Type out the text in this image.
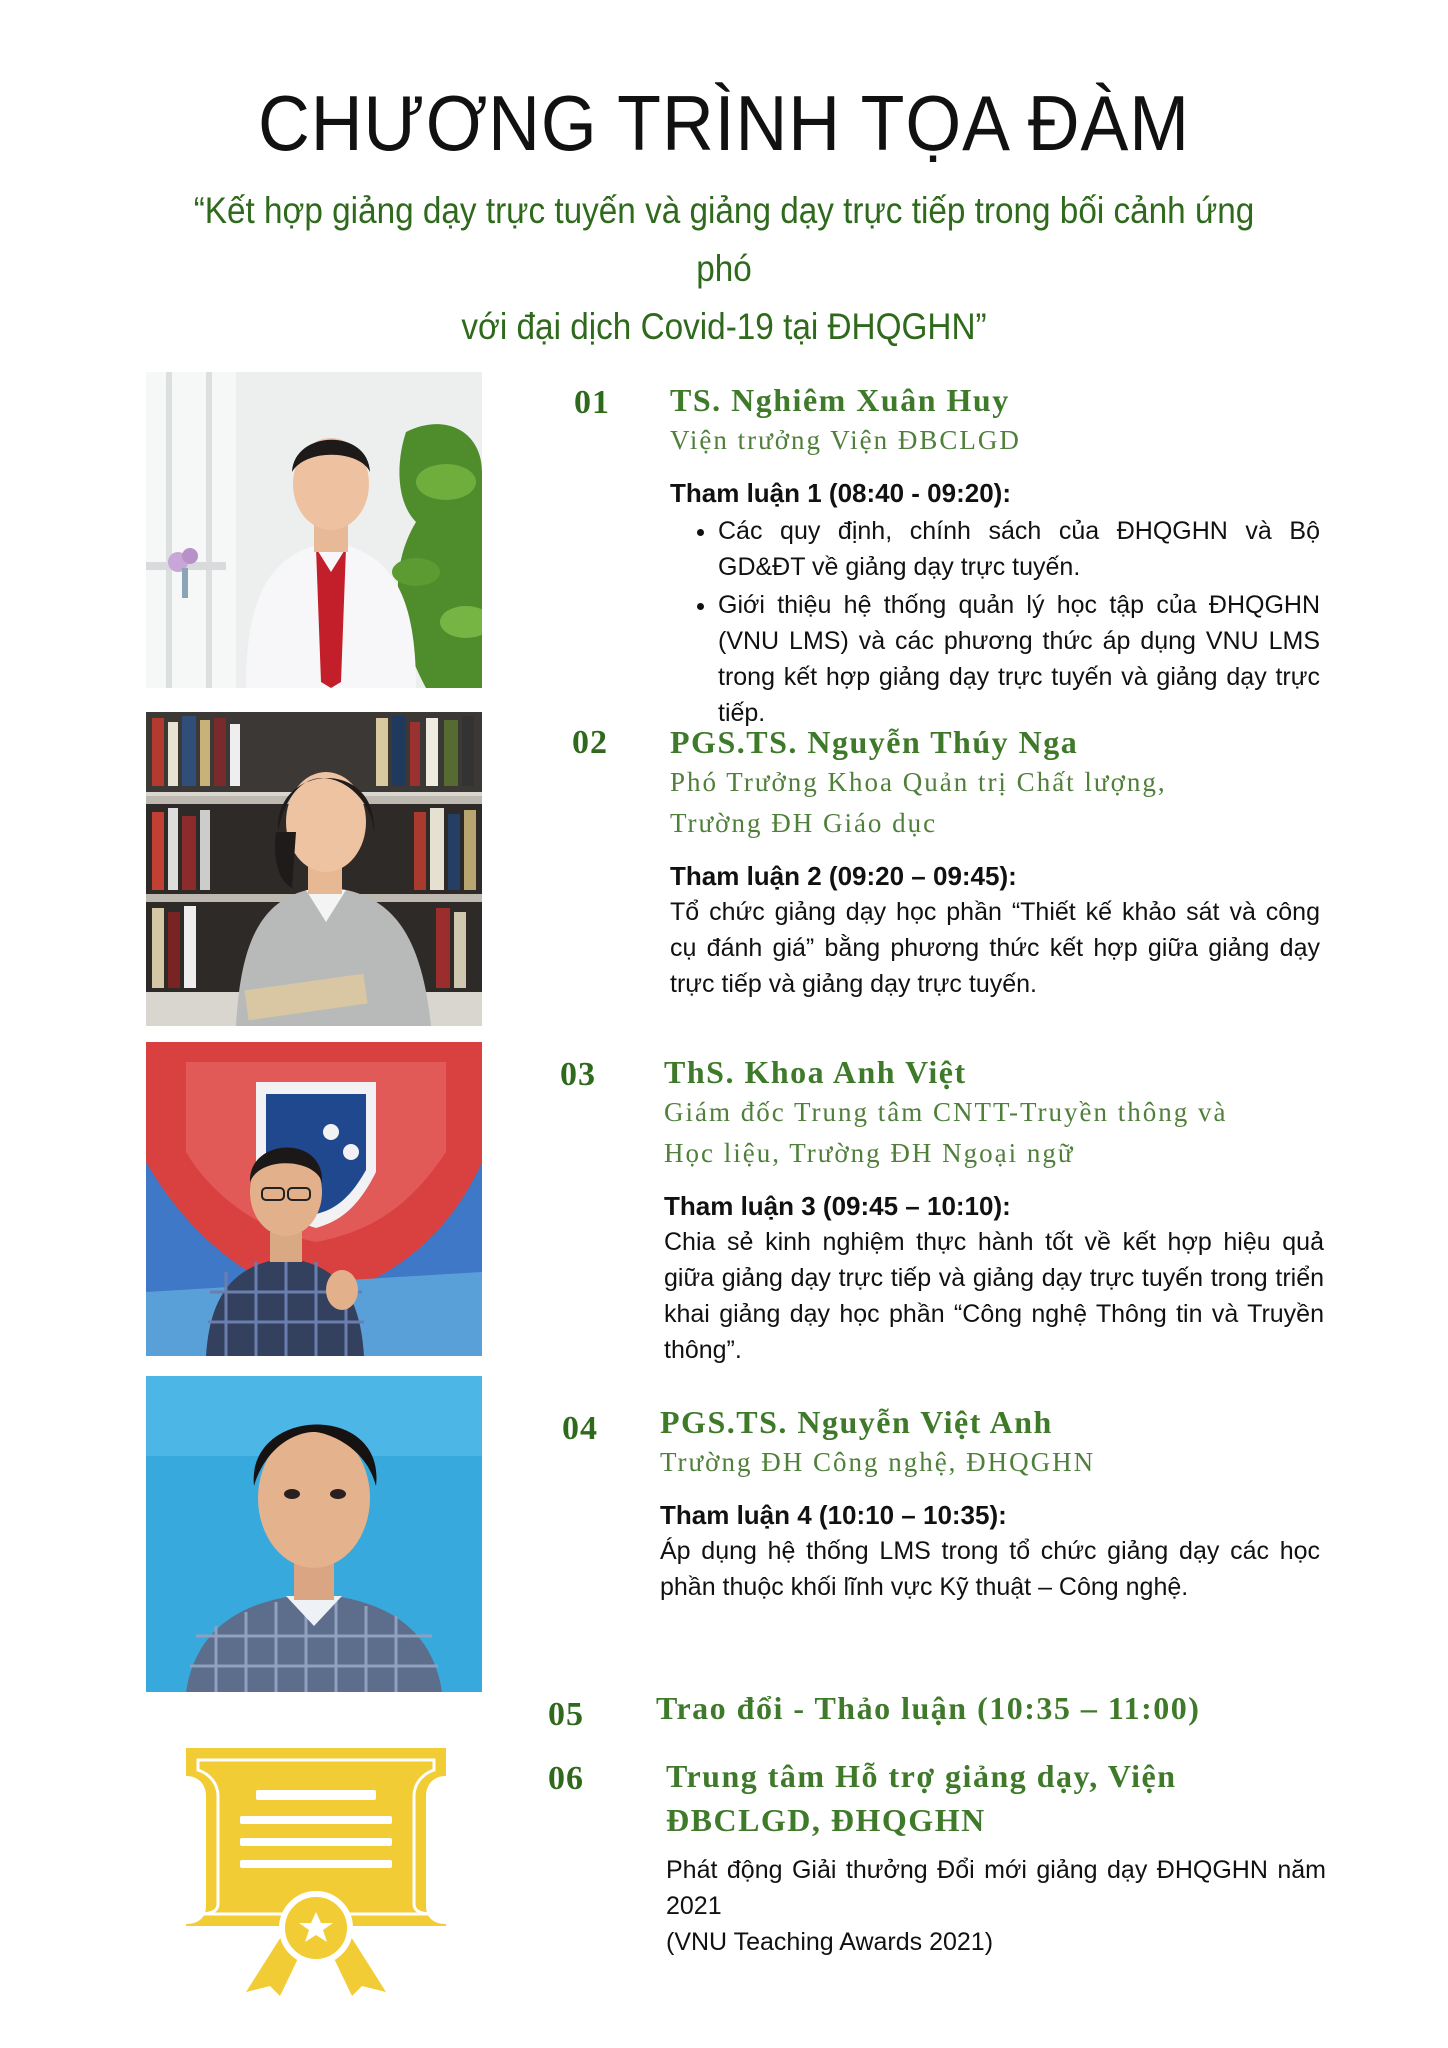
CHƯƠNG TRÌNH TỌA ĐÀM
“Kết hợp giảng dạy trực tuyến và giảng dạy trực tiếp trong bối cảnh ứng phó
với đại dịch Covid-19 tại ĐHQGHN”
01 TS. Nghiêm Xuân Huy
Viện trưởng Viện ĐBCLGD
Tham luận 1 (08:40 - 09:20):
• Các quy định, chính sách của ĐHQGHN và Bộ GD&ĐT về giảng dạy trực tuyến.
• Giới thiệu hệ thống quản lý học tập của ĐHQGHN (VNU LMS) và các phương thức áp dụng VNU LMS trong kết hợp giảng dạy trực tuyến và giảng dạy trực tiếp.
02 PGS.TS. Nguyễn Thúy Nga
Phó Trưởng Khoa Quản trị Chất lượng,
Trường ĐH Giáo dục
Tham luận 2 (09:20 – 09:45):
Tổ chức giảng dạy học phần “Thiết kế khảo sát và công cụ đánh giá” bằng phương thức kết hợp giữa giảng dạy trực tiếp và giảng dạy trực tuyến.
03 ThS. Khoa Anh Việt
Giám đốc Trung tâm CNTT-Truyền thông và
Học liệu, Trường ĐH Ngoại ngữ
Tham luận 3 (09:45 – 10:10):
Chia sẻ kinh nghiệm thực hành tốt về kết hợp hiệu quả giữa giảng dạy trực tiếp và giảng dạy trực tuyến trong triển khai giảng dạy học phần “Công nghệ Thông tin và Truyền thông”.
04 PGS.TS. Nguyễn Việt Anh
Trường ĐH Công nghệ, ĐHQGHN
Tham luận 4 (10:10 – 10:35):
Áp dụng hệ thống LMS trong tổ chức giảng dạy các học phần thuộc khối lĩnh vực Kỹ thuật – Công nghệ.
05 Trao đổi - Thảo luận (10:35 – 11:00)
06	Trung tâm Hỗ trợ giảng dạy, Viện
ĐBCLGD, ĐHQGHN
Phát động Giải thưởng Đổi mới giảng dạy ĐHQGHN năm 2021
(VNU Teaching Awards 2021)
